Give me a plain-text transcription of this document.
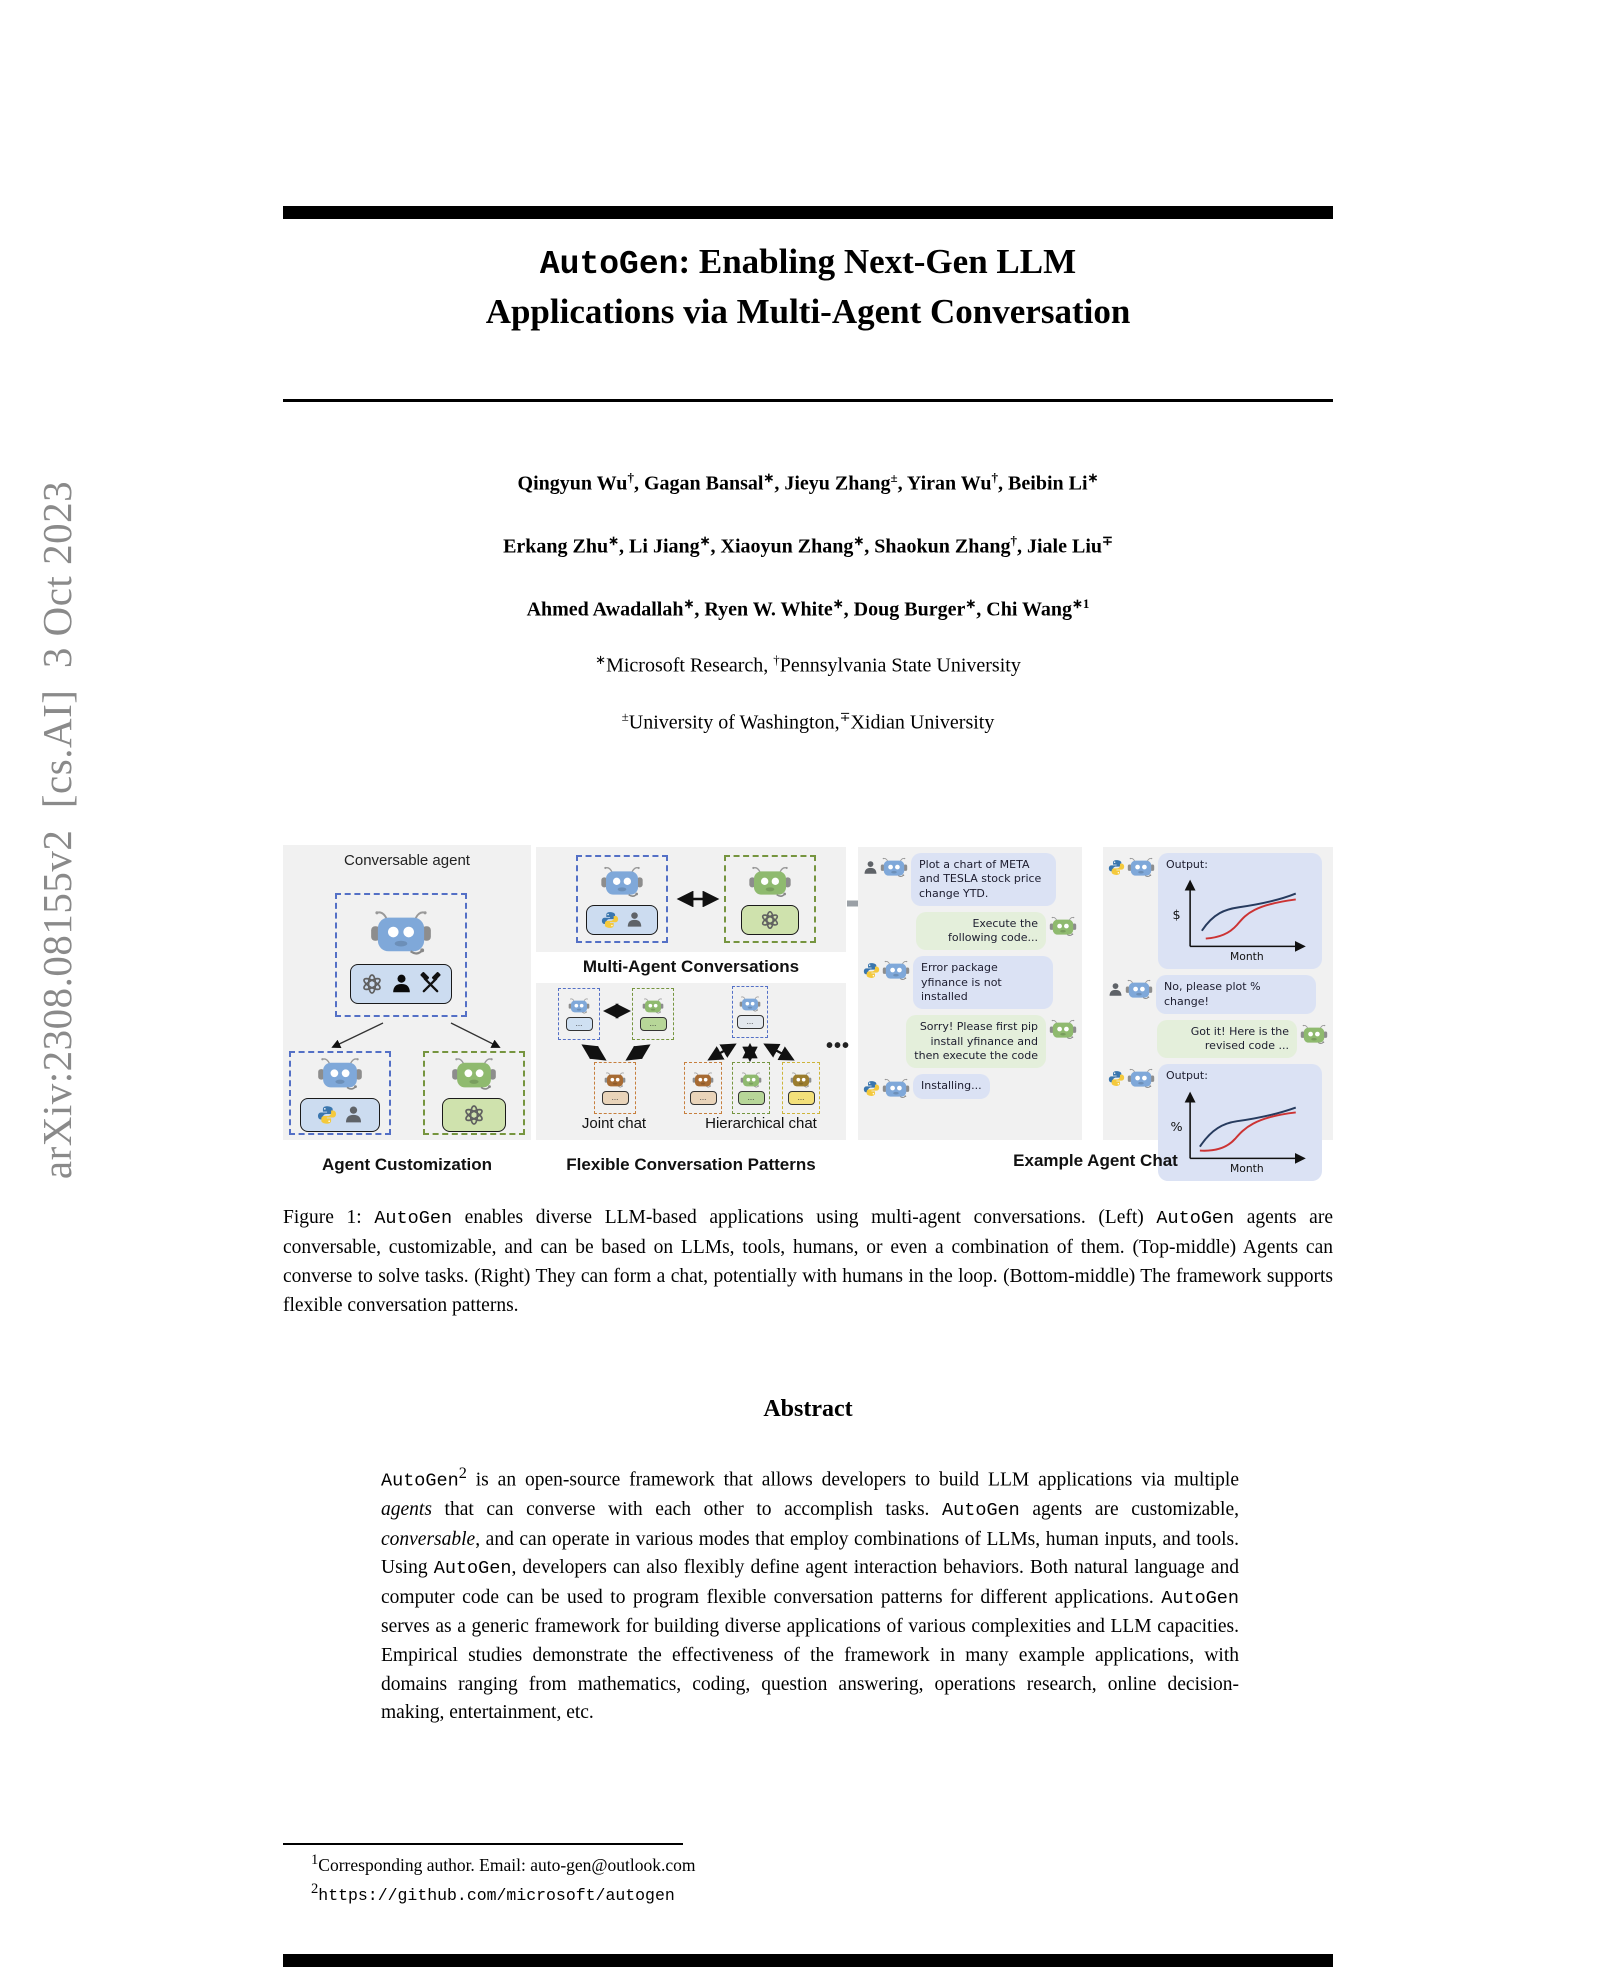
arXiv:2308.08155v2  [cs.AI]  3 Oct 2023
AutoGen: Enabling Next-Gen LLM
Applications via Multi-Agent Conversation
Qingyun Wu†, Gagan Bansal∗, Jieyu Zhang±, Yiran Wu†, Beibin Li∗
Erkang Zhu∗, Li Jiang∗, Xiaoyun Zhang∗, Shaokun Zhang†, Jiale Liu∓
Ahmed Awadallah∗, Ryen W. White∗, Doug Burger∗, Chi Wang$^{∗1}$
∗Microsoft Research, †Pennsylvania State University
±University of Washington,∓Xidian University
Conversable agent
Multi-Agent Conversations
...	...
...
...
...	...	...
•••
Joint chat	Hierarchical chat
Plot a chart of META and TESLA stock price change YTD.
Execute the following code...
Error package yfinance is not installed
Sorry! Please first pip install yfinance and then execute the code
Installing...
Output:
$
Month
No, please plot % change!
Got it! Here is the revised code ...
Output:
%
Month
Agent Customization	Flexible Conversation Patterns	Example Agent Chat
Figure 1: AutoGen enables diverse LLM-based applications using multi-agent conversations. (Left) AutoGen agents are conversable, customizable, and can be based on LLMs, tools, humans, or even a combination of them. (Top-middle) Agents can converse to solve tasks. (Right) They can form a chat, potentially with humans in the loop. (Bottom-middle) The framework supports flexible conversation patterns.
Abstract
AutoGen$^2$ is an open-source framework that allows developers to build LLM applications via multiple agents that can converse with each other to accomplish tasks. AutoGen agents are customizable, conversable, and can operate in various modes that employ combinations of LLMs, human inputs, and tools. Using AutoGen, developers can also flexibly define agent interaction behaviors. Both natural language and computer code can be used to program flexible conversation patterns for different applications. AutoGen serves as a generic framework for building diverse applications of various complexities and LLM capacities. Empirical studies demonstrate the effectiveness of the framework in many example applications, with domains ranging from mathematics, coding, question answering, operations research, online decision-making, entertainment, etc.
$^1$Corresponding author. Email: auto-gen@outlook.com
$^2$https://github.com/microsoft/autogen
